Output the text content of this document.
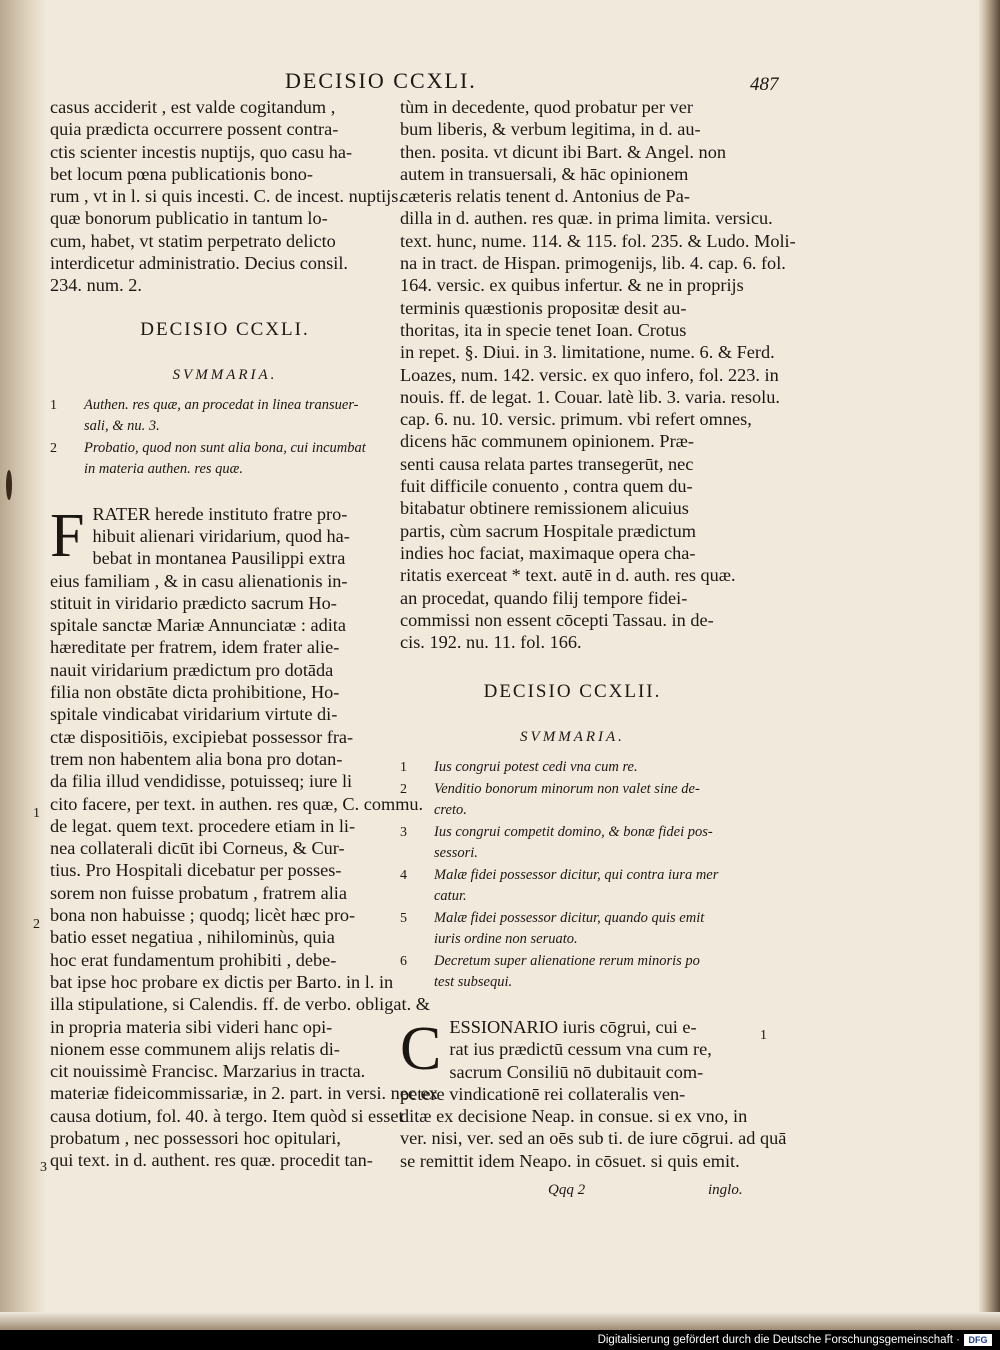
DECISIO CCXLI.	487
casus acciderit , est valde cogitandum ,
quia prædicta occurrere possent contra-
ctis scienter incestis nuptijs, quo casu ha-
bet locum pœna publicationis bono-
rum , vt in l. si quis incesti. C. de incest. nuptijs.
quæ bonorum publicatio in tantum lo-
cum, habet, vt statim perpetrato delicto
interdicetur administratio. Decius consil.
234. num. 2.
DECISIO CCXLI.
SVMMARIA.
1	Authen. res quæ, an procedat in linea transuer-
sali, & nu. 3.
2	Probatio, quod non sunt alia bona, cui incumbat
in materia authen. res quæ.
F RATER herede instituto fratre pro-
hibuit alienari viridarium, quod ha-
bebat in montanea Pausilippi extra
eius familiam , & in casu alienationis in-
stituit in viridario prædicto sacrum Ho-
spitale sanctæ Mariæ Annunciatæ : adita
hæreditate per fratrem, idem frater alie-
nauit viridarium prædictum pro dotāda
filia non obstāte dicta prohibitione, Ho-
spitale vindicabat viridarium virtute di-
ctæ dispositiōis, excipiebat possessor fra-
trem non habentem alia bona pro dotan-
da filia illud vendidisse, potuisseq; iure li
cito facere, per text. in authen. res quæ, C. commu.
de legat. quem text. procedere etiam in li-
nea collaterali dicūt ibi Corneus, & Cur-
tius. Pro Hospitali dicebatur per posses-
sorem non fuisse probatum , fratrem alia
bona non habuisse ; quodq; licèt hæc pro-
batio esset negatiua , nihilominùs, quia
hoc erat fundamentum prohibiti , debe-
bat ipse hoc probare ex dictis per Barto. in l. in
illa stipulatione, si Calendis. ff. de verbo. obligat. &
in propria materia sibi videri hanc opi-
nionem esse communem alijs relatis di-
cit nouissimè Francisc. Marzarius in tracta.
materiæ fideicommissariæ, in 2. part. in versi. nec ex
causa dotium, fol. 40. à tergo. Item quòd si esset
probatum , nec possessori hoc opitulari,
qui text. in d. authent. res quæ. procedit tan-
1
2
3
tùm in decedente, quod probatur per ver
bum liberis, & verbum legitima, in d. au-
then. posita. vt dicunt ibi Bart. & Angel. non
autem in transuersali, & hāc opinionem
cæteris relatis tenent d. Antonius de Pa-
dilla in d. authen. res quæ. in prima limita. versicu.
text. hunc, nume. 114. & 115. fol. 235. & Ludo. Moli-
na in tract. de Hispan. primogenijs, lib. 4. cap. 6. fol.
164. versic. ex quibus infertur. & ne in proprijs
terminis quæstionis propositæ desit au-
thoritas, ita in specie tenet Ioan. Crotus
in repet. §. Diui. in 3. limitatione, nume. 6. & Ferd.
Loazes, num. 142. versic. ex quo infero, fol. 223. in
nouis. ff. de legat. 1. Couar. latè lib. 3. varia. resolu.
cap. 6. nu. 10. versic. primum. vbi refert omnes,
dicens hāc communem opinionem. Præ-
senti causa relata partes transegerūt, nec
fuit difficile conuento , contra quem du-
bitabatur obtinere remissionem alicuius
partis, cùm sacrum Hospitale prædictum
indies hoc faciat, maximaque opera cha-
ritatis exerceat * text. autē in d. auth. res quæ.
an procedat, quando filij tempore fidei-
commissi non essent cōcepti Tassau. in de-
cis. 192. nu. 11. fol. 166.
DECISIO CCXLII.
SVMMARIA.
1	Ius congrui potest cedi vna cum re.
2	Venditio bonorum minorum non valet sine de-
creto.
3	Ius congrui competit domino, & bonæ fidei pos-
sessori.
4	Malæ fidei possessor dicitur, qui contra iura mer
catur.
5	Malæ fidei possessor dicitur, quando quis emit
iuris ordine non seruato.
6	Decretum super alienatione rerum minoris po
test subsequi.
C ESSIONARIO iuris cōgrui, cui e-
rat ius prædictū cessum vna cum re,
sacrum Consiliū nō dubitauit com-
petere vindicationē rei collateralis ven-
ditæ ex decisione Neap. in consue. si ex vno, in
ver. nisi, ver. sed an oēs sub ti. de iure cōgrui. ad quā
se remittit idem Neapo. in cōsuet. si quis emit.
1
Qqq 2	inglo.
Digitalisierung gefördert durch die Deutsche Forschungsgemeinschaft · DFG
